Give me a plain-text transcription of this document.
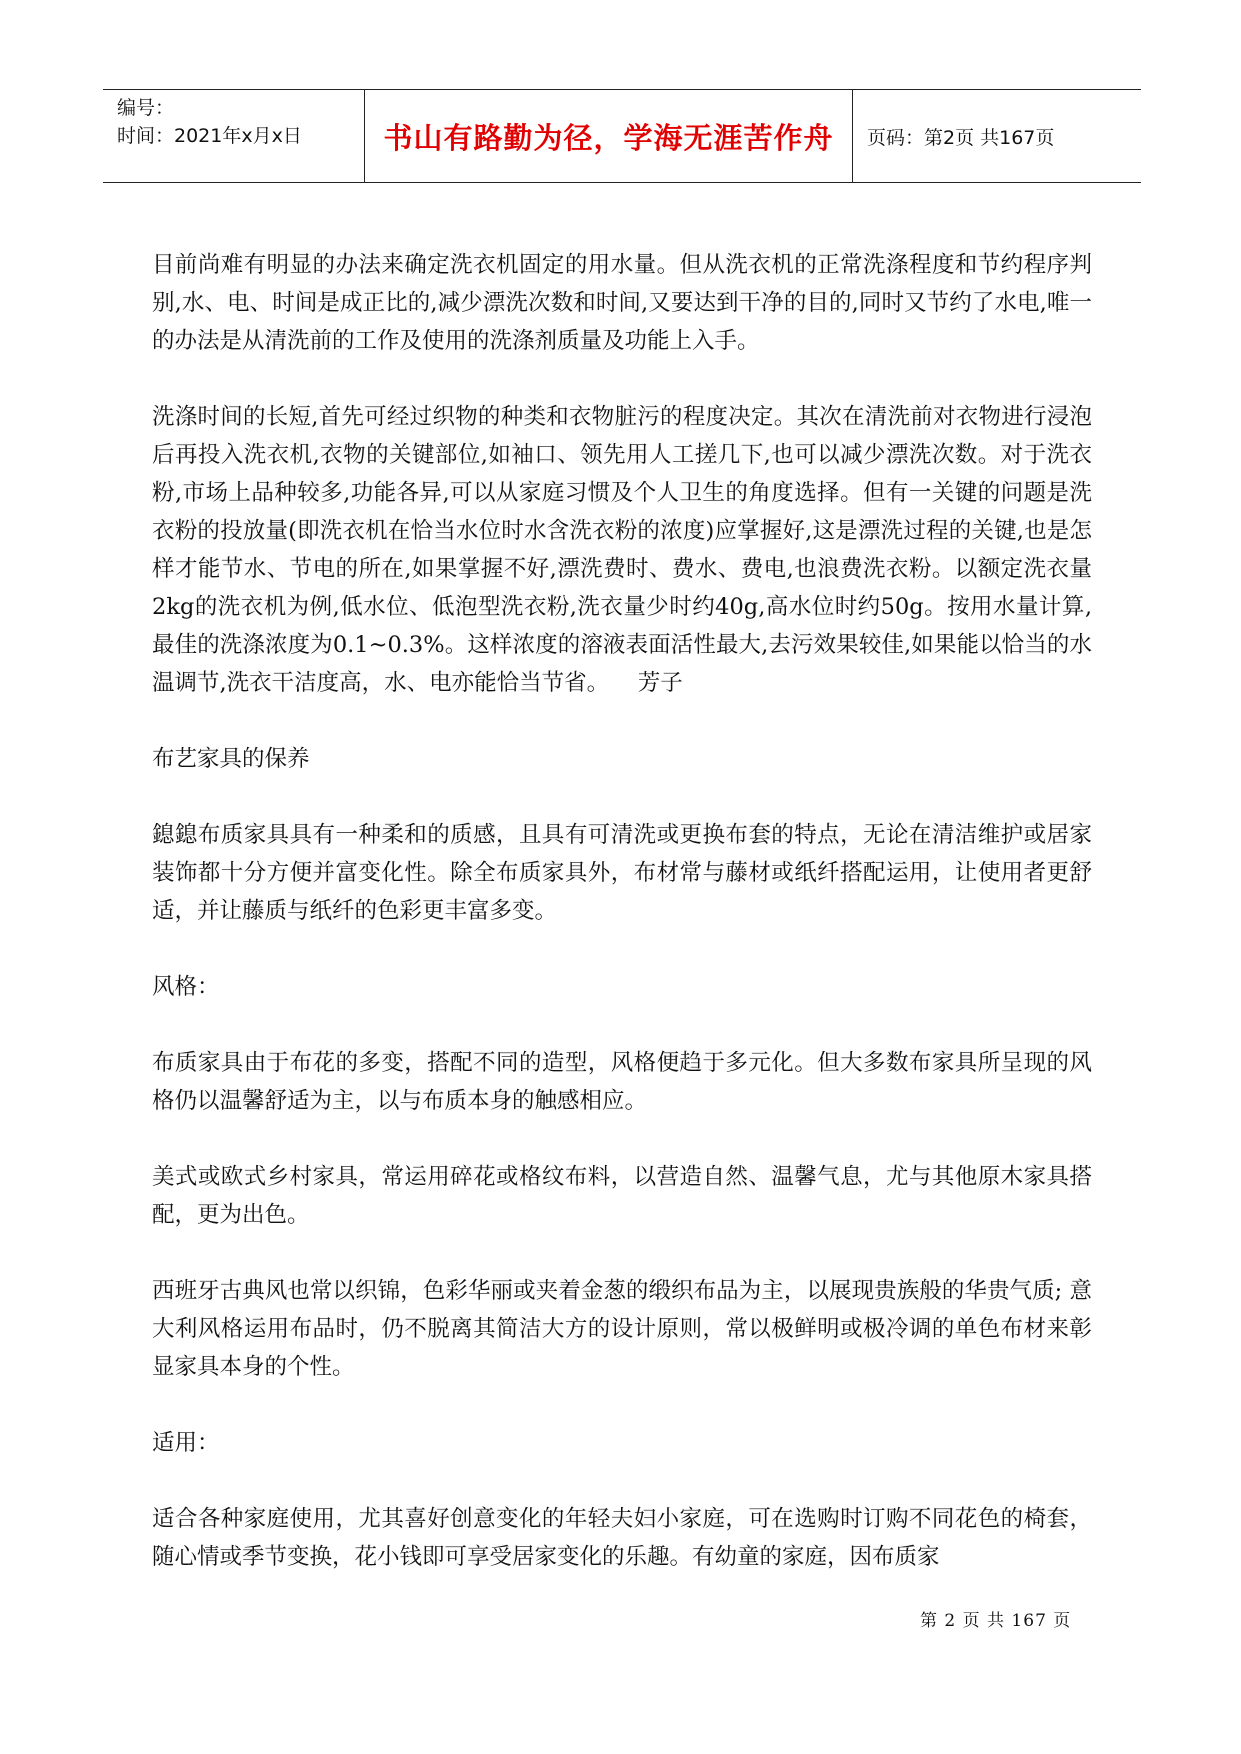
编号：
时间：2021年x月x日	书山有路勤为径，学海无涯苦作舟 页码：第2页 共167页

目前尚难有明显的办法来确定洗衣机固定的用水量。但从洗衣机的正常洗涤程度和节约程序判别,水、电、时间是成正比的,减少漂洗次数和时间,又要达到干净的目的,同时又节约了水电,唯一的办法是从清洗前的工作及使用的洗涤剂质量及功能上入手。

洗涤时间的长短,首先可经过织物的种类和衣物脏污的程度决定。其次在清洗前对衣物进行浸泡后再投入洗衣机,衣物的关键部位,如袖口、领先用人工搓几下,也可以减少漂洗次数。对于洗衣粉,市场上品种较多,功能各异,可以从家庭习惯及个人卫生的角度选择。但有一关键的问题是洗衣粉的投放量(即洗衣机在恰当水位时水含洗衣粉的浓度)应掌握好,这是漂洗过程的关键,也是怎样才能节水、节电的所在,如果掌握不好,漂洗费时、费水、费电,也浪费洗衣粉。以额定洗衣量2kg的洗衣机为例,低水位、低泡型洗衣粉,洗衣量少时约40g,高水位时约50g。按用水量计算,最佳的洗涤浓度为0.1~0.3%。这样浓度的溶液表面活性最大,去污效果较佳,如果能以恰当的水温调节,洗衣干洁度高，水、电亦能恰当节省。    芳子

布艺家具的保养

鎴鎴布质家具具有一种柔和的质感，且具有可清洗或更换布套的特点，无论在清洁维护或居家装饰都十分方便并富变化性。除全布质家具外，布材常与藤材或纸纤搭配运用，让使用者更舒适，并让藤质与纸纤的色彩更丰富多变。

风格：

布质家具由于布花的多变，搭配不同的造型，风格便趋于多元化。但大多数布家具所呈现的风格仍以温馨舒适为主，以与布质本身的触感相应。

美式或欧式乡村家具，常运用碎花或格纹布料，以营造自然、温馨气息，尤与其他原木家具搭配，更为出色。

西班牙古典风也常以织锦，色彩华丽或夹着金葱的缎织布品为主，以展现贵族般的华贵气质; 意大利风格运用布品时，仍不脱离其简洁大方的设计原则，常以极鲜明或极冷调的单色布材来彰显家具本身的个性。

适用：

适合各种家庭使用，尤其喜好创意变化的年轻夫妇小家庭，可在选购时订购不同花色的椅套，随心情或季节变换，花小钱即可享受居家变化的乐趣。有幼童的家庭，因布质家

第 2 页 共 167 页
